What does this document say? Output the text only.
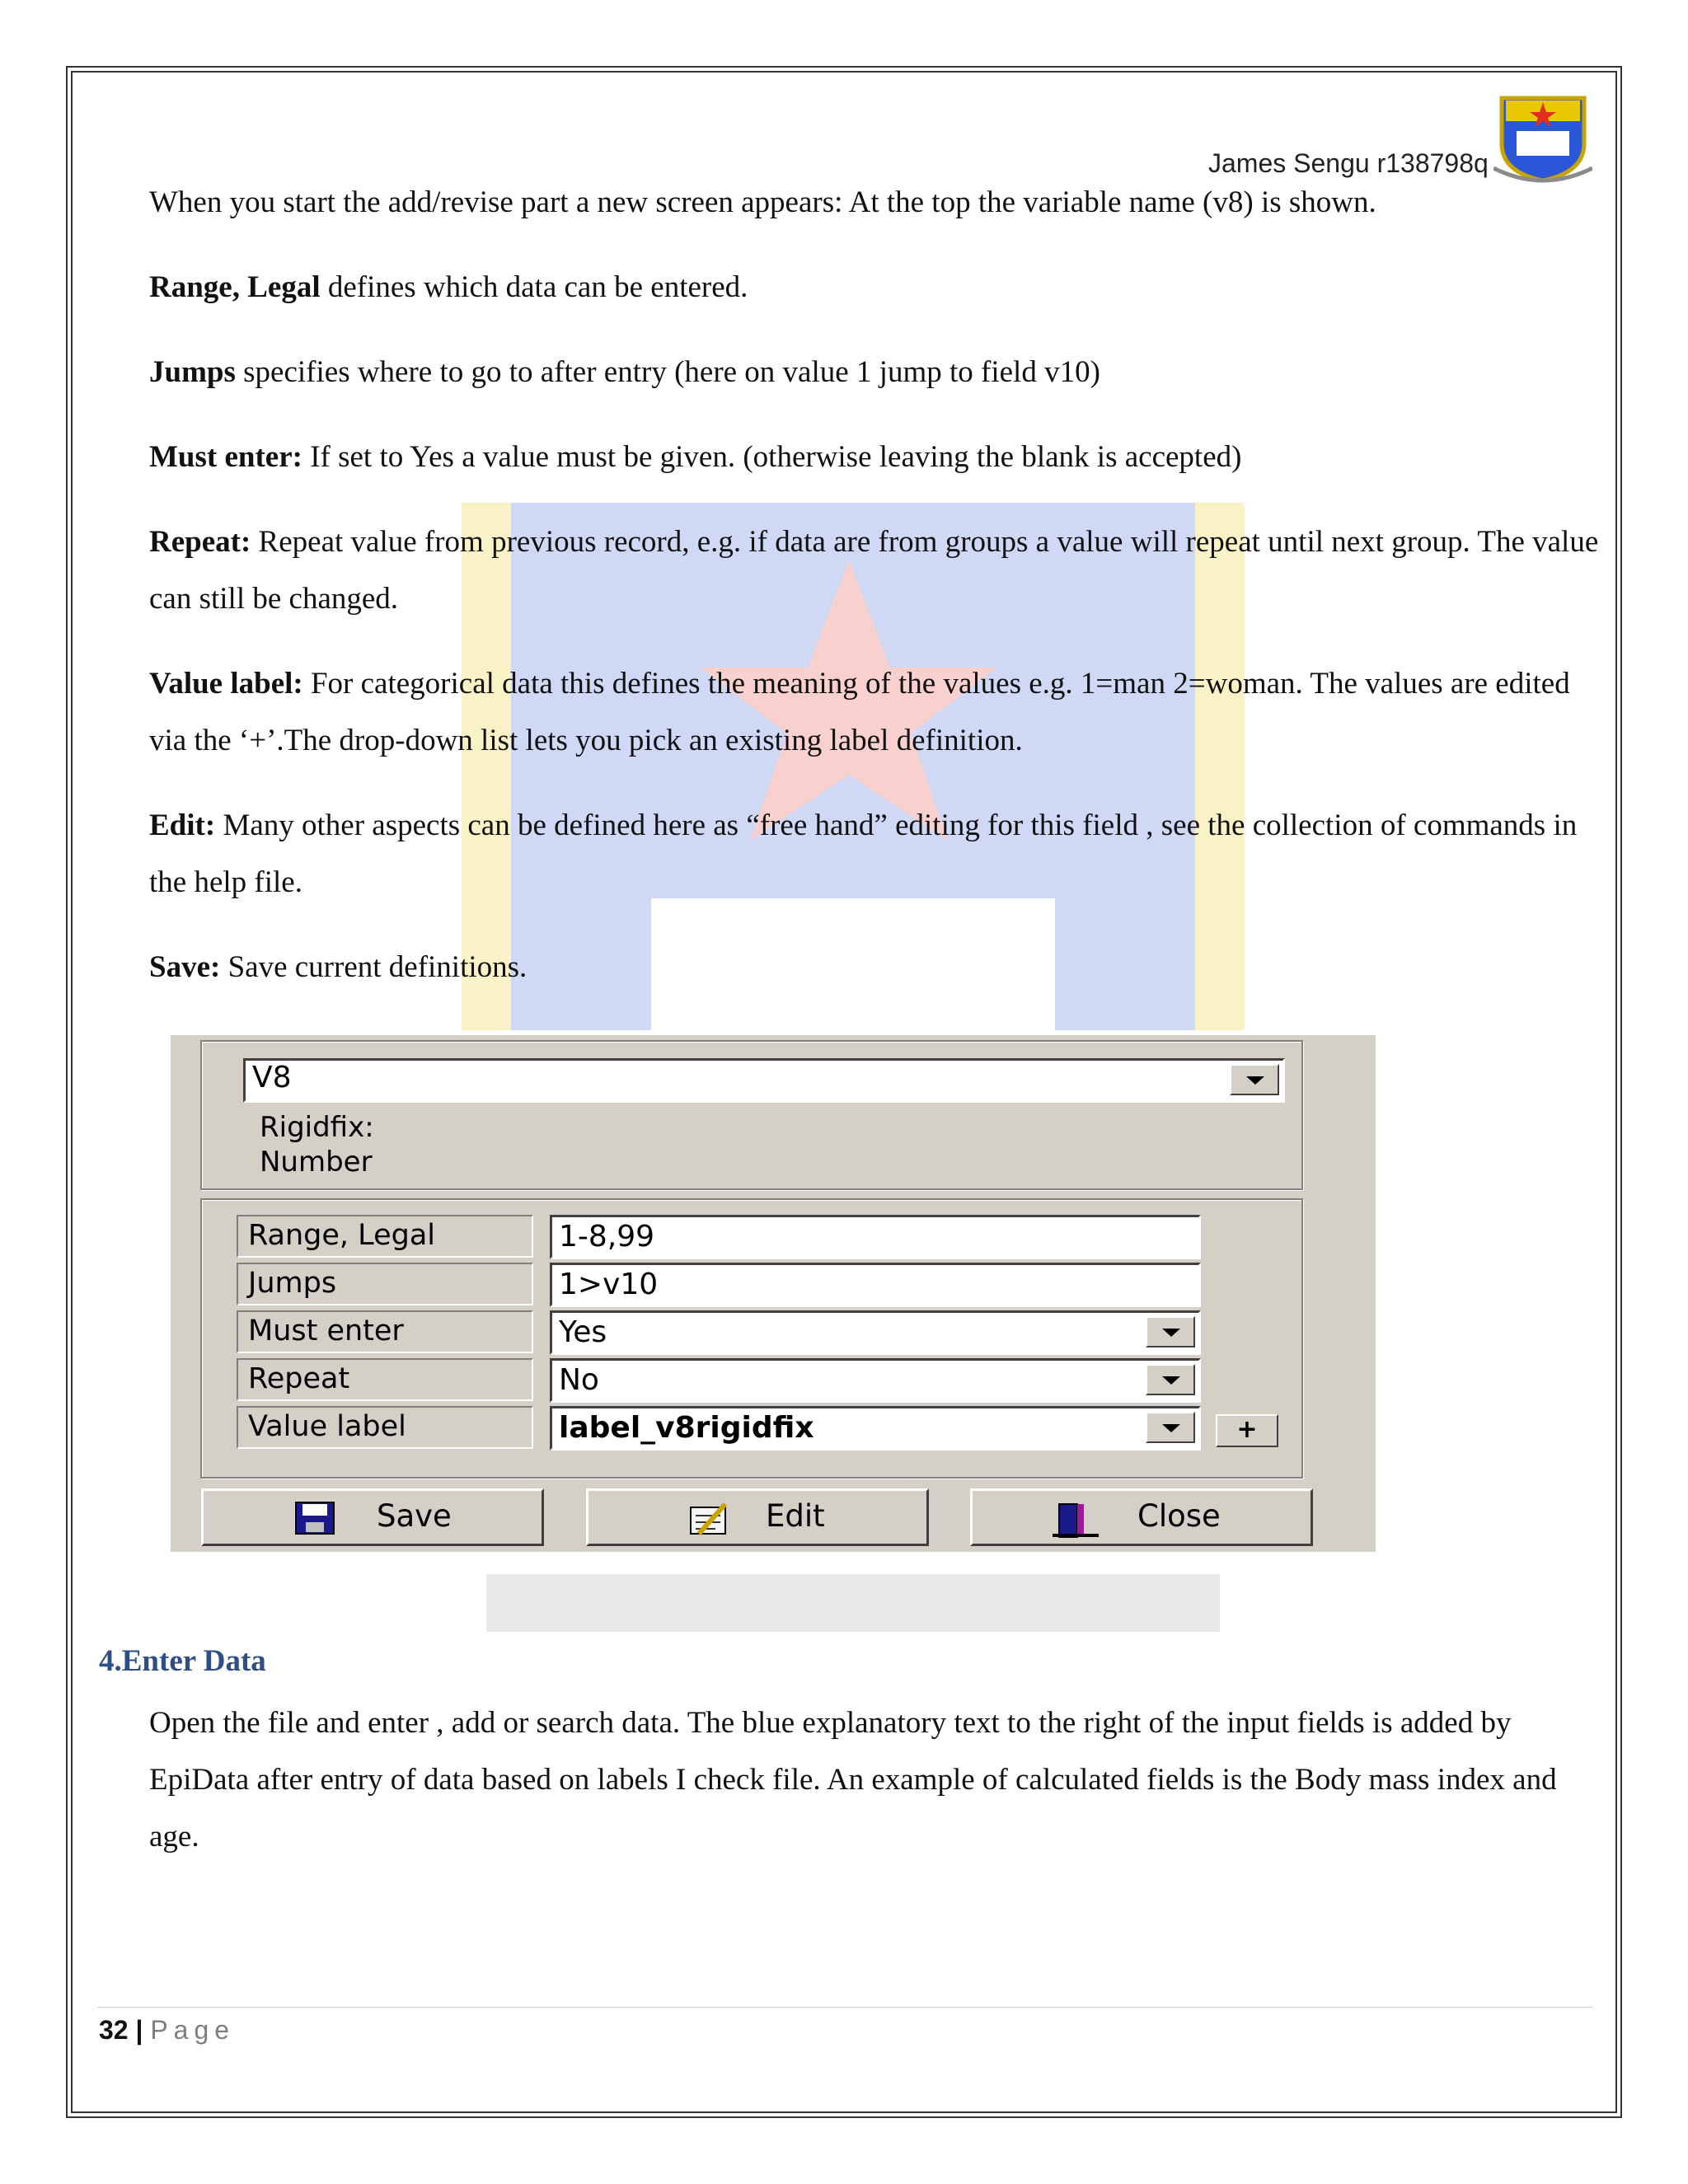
James Sengu r138798q
When you start the add/revise part a new screen appears: At the top the variable name (v8) is shown.
Range, Legal defines which data can be entered.
Jumps specifies where to go to after entry (here on value 1 jump to field v10)
Must enter: If set to Yes a value must be given. (otherwise leaving the blank is accepted)
Repeat: Repeat value from previous record, e.g. if data are from groups a value will repeat until next group. The value can still be changed.
Value label: For categorical data this defines the meaning of the values e.g. 1=man 2=woman. The values are edited via the ‘+’.The drop-down list lets you pick an existing label definition.
Edit: Many other aspects can be defined here as “free hand” editing for this field , see the collection of commands in the help file.
Save: Save current definitions.
V8
Rigidfix:
Number
Range, Legal	1-8,99
Jumps	1>v10
Must enter	Yes
Repeat	No
Value label	label_v8rigidfix	+
Save	Edit	Close
4.Enter Data
Open the file and enter , add or search data. The blue explanatory text to the right of the input fields is added by EpiData after entry of data based on labels I check file. An example of calculated fields is the Body mass index and age.
32 | Page
